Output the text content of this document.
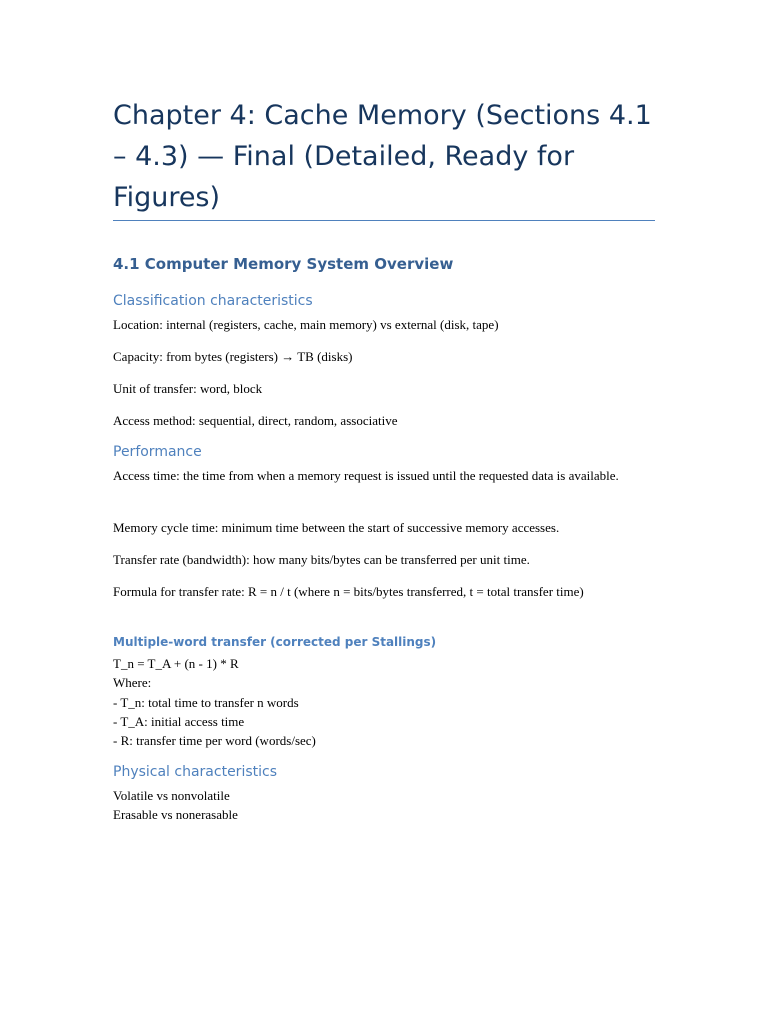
Chapter 4: Cache Memory (Sections 4.1 – 4.3) — Final (Detailed, Ready for Figures)
4.1 Computer Memory System Overview
Classification characteristics

Location: internal (registers, cache, main memory) vs external (disk, tape)

Capacity: from bytes (registers) → TB (disks)

Unit of transfer: word, block

Access method: sequential, direct, random, associative

Performance

Access time: the time from when a memory request is issued until the requested data is available.

Memory cycle time: minimum time between the start of successive memory accesses.

Transfer rate (bandwidth): how many bits/bytes can be transferred per unit time.

Formula for transfer rate: R = n / t (where n = bits/bytes transferred, t = total transfer time)

Multiple-word transfer (corrected per Stallings)

T_n = T_A + (n - 1) * R
Where:
- T_n: total time to transfer n words
- T_A: initial access time
- R: transfer time per word (words/sec)

Physical characteristics

Volatile vs nonvolatile
Erasable vs nonerasable
